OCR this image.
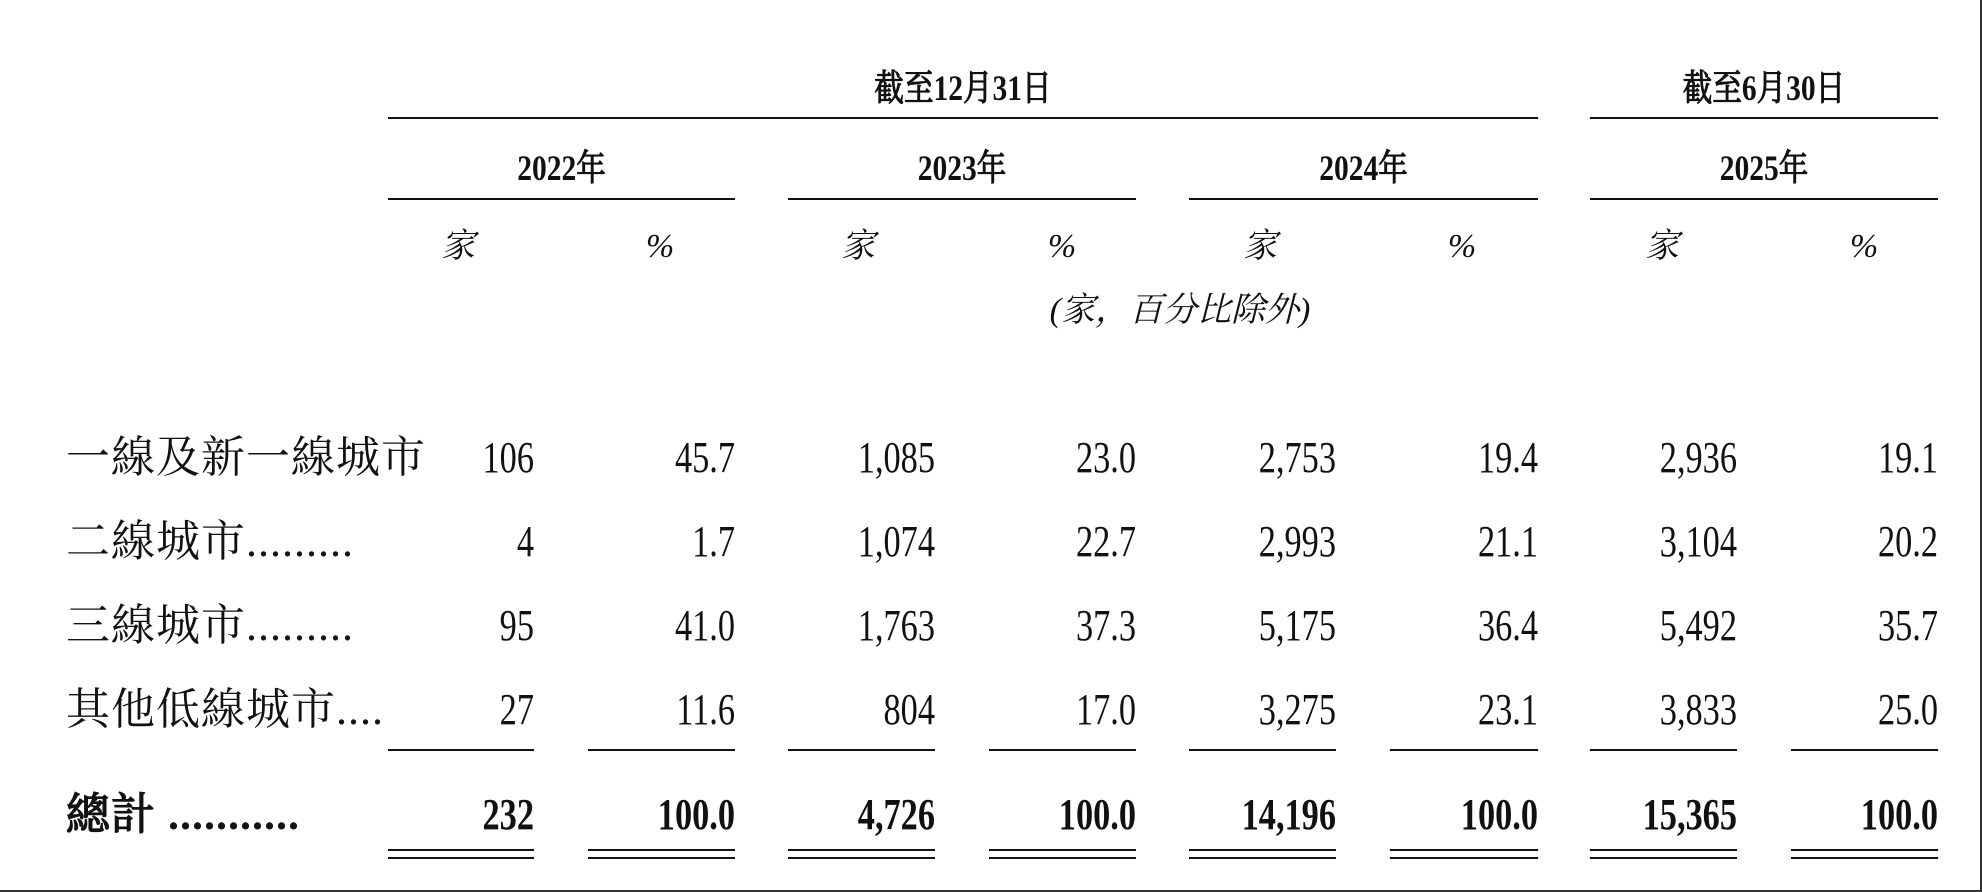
截至12月31日	截至6月30日
2022年	2023年	2024年	2025年
家	%	家	%	家	%	家	%
(家，百分比除外)
一線及新一線城市	106	45.7	1,085	23.0	2,753	19.4	2,936	19.1
二線城市.........	4	1.7	1,074	22.7	2,993	21.1	3,104	20.2
三線城市.........	95	41.0	1,763	37.3	5,175	36.4	5,492	35.7
其他低線城市....	27	11.6	804	17.0	3,275	23.1	3,833	25.0
總計 ...........	232	100.0	4,726	100.0	14,196	100.0	15,365	100.0
